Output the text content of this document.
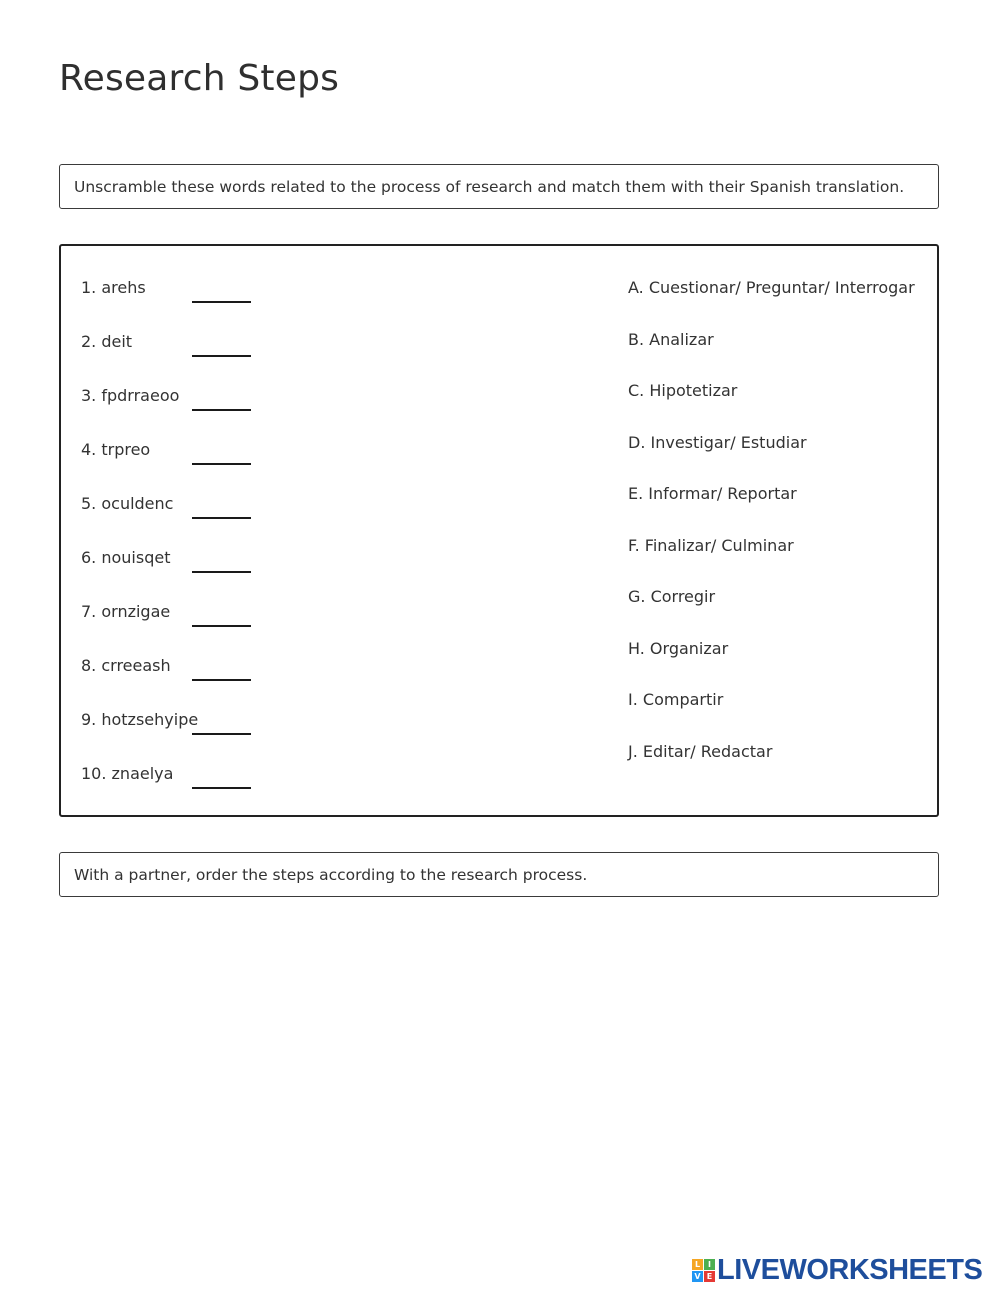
Research Steps
Unscramble these words related to the process of research and match them with their Spanish translation.
1. arehs
2. deit
3. fpdrraeoo
4. trpreo
5. oculdenc
6. nouisqet
7. ornzigae
8. crreeash
9. hotzsehyipe
10. znaelya
A. Cuestionar/ Preguntar/ Interrogar
B. Analizar
C. Hipotetizar
D. Investigar/ Estudiar
E. Informar/ Reportar
F. Finalizar/ Culminar
G. Corregir
H. Organizar
I. Compartir
J. Editar/ Redactar
With a partner, order the steps according to the research process.
L I
V E LIVEWORKSHEETS
